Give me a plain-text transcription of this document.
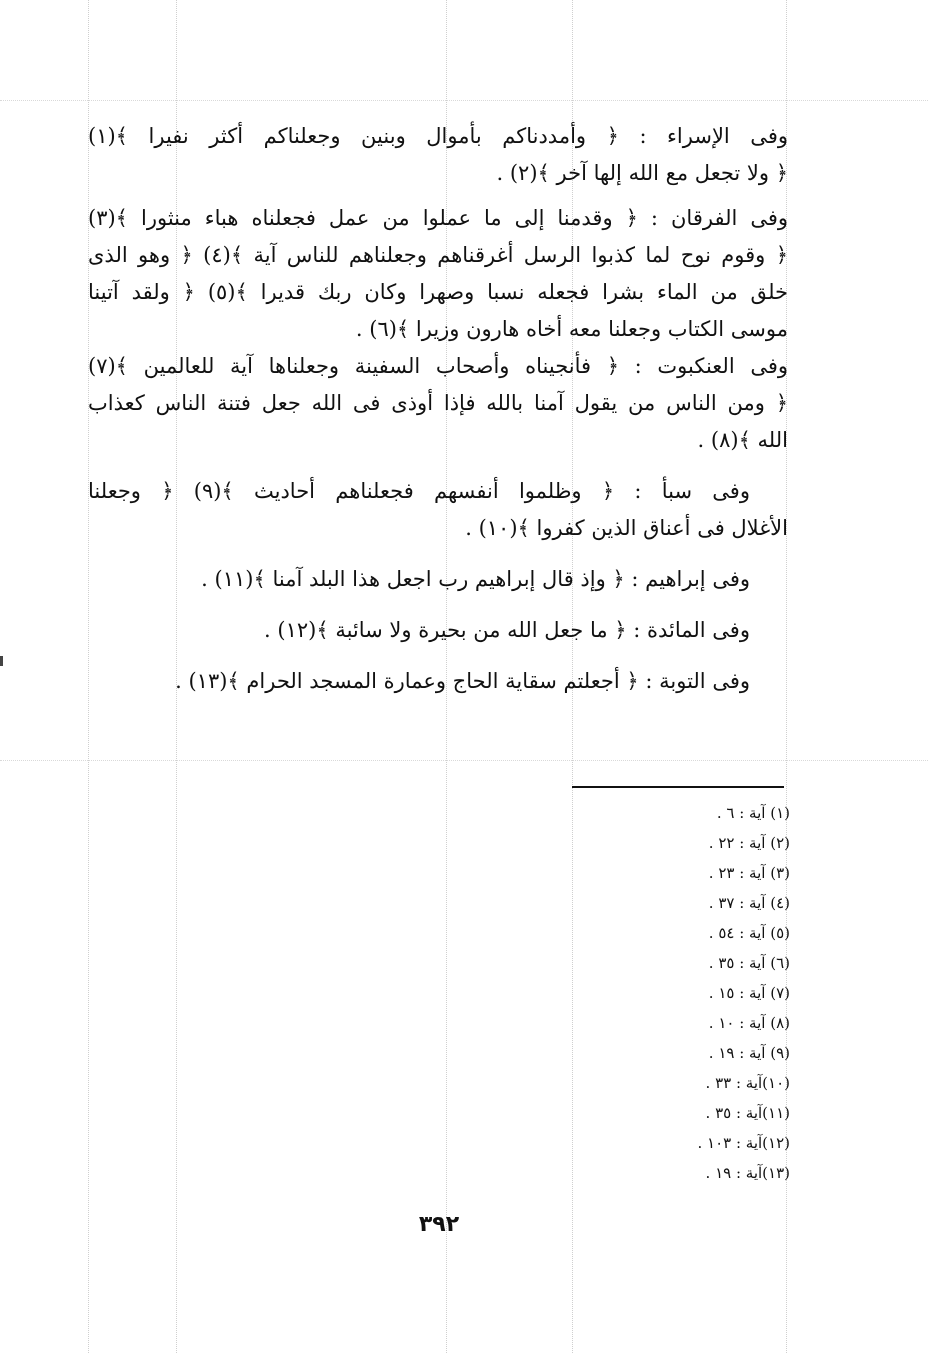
وفى الإسراء : ﴿ وأمددناكم بأموال وبنين وجعلناكم أكثر نفيرا ﴾(١)
﴿ ولا تجعل مع الله إلها آخر ﴾(٢) .
وفى الفرقان : ﴿ وقدمنا إلى ما عملوا من عمل فجعلناه هباء منثورا ﴾(٣)
﴿ وقوم نوح لما كذبوا الرسل أغرقناهم وجعلناهم للناس آية ﴾(٤) ﴿ وهو الذى
خلق من الماء بشرا فجعله نسبا وصهرا وكان ربك قديرا ﴾(٥) ﴿ ولقد آتينا
موسى الكتاب وجعلنا معه أخاه هارون وزيرا ﴾(٦) .
وفى العنكبوت : ﴿ فأنجيناه وأصحاب السفينة وجعلناها آية للعالمين ﴾(٧)
﴿ ومن الناس من يقول آمنا بالله فإذا أوذى فى الله جعل فتنة الناس كعذاب
الله ﴾(٨) .
وفى سبأ : ﴿ وظلموا أنفسهم فجعلناهم أحاديث ﴾(٩) ﴿ وجعلنا
الأغلال فى أعناق الذين كفروا ﴾(١٠) .
وفى إبراهيم : ﴿ وإذ قال إبراهيم رب اجعل هذا البلد آمنا ﴾(١١) .
وفى المائدة : ﴿ ما جعل الله من بحيرة ولا سائبة ﴾(١٢) .
وفى التوبة : ﴿ أجعلتم سقاية الحاج وعمارة المسجد الحرام ﴾(١٣) .
(١) آية : ٦ .
(٢) آية : ٢٢ .
(٣) آية : ٢٣ .
(٤) آية : ٣٧ .
(٥) آية : ٥٤ .
(٦) آية : ٣٥ .
(٧) آية : ١٥ .
(٨) آية : ١٠ .
(٩) آية : ١٩ .
(١٠)آية : ٣٣ .
(١١)آية : ٣٥ .
(١٢)آية : ١٠٣ .
(١٣)آية : ١٩ .
٣٩٢
